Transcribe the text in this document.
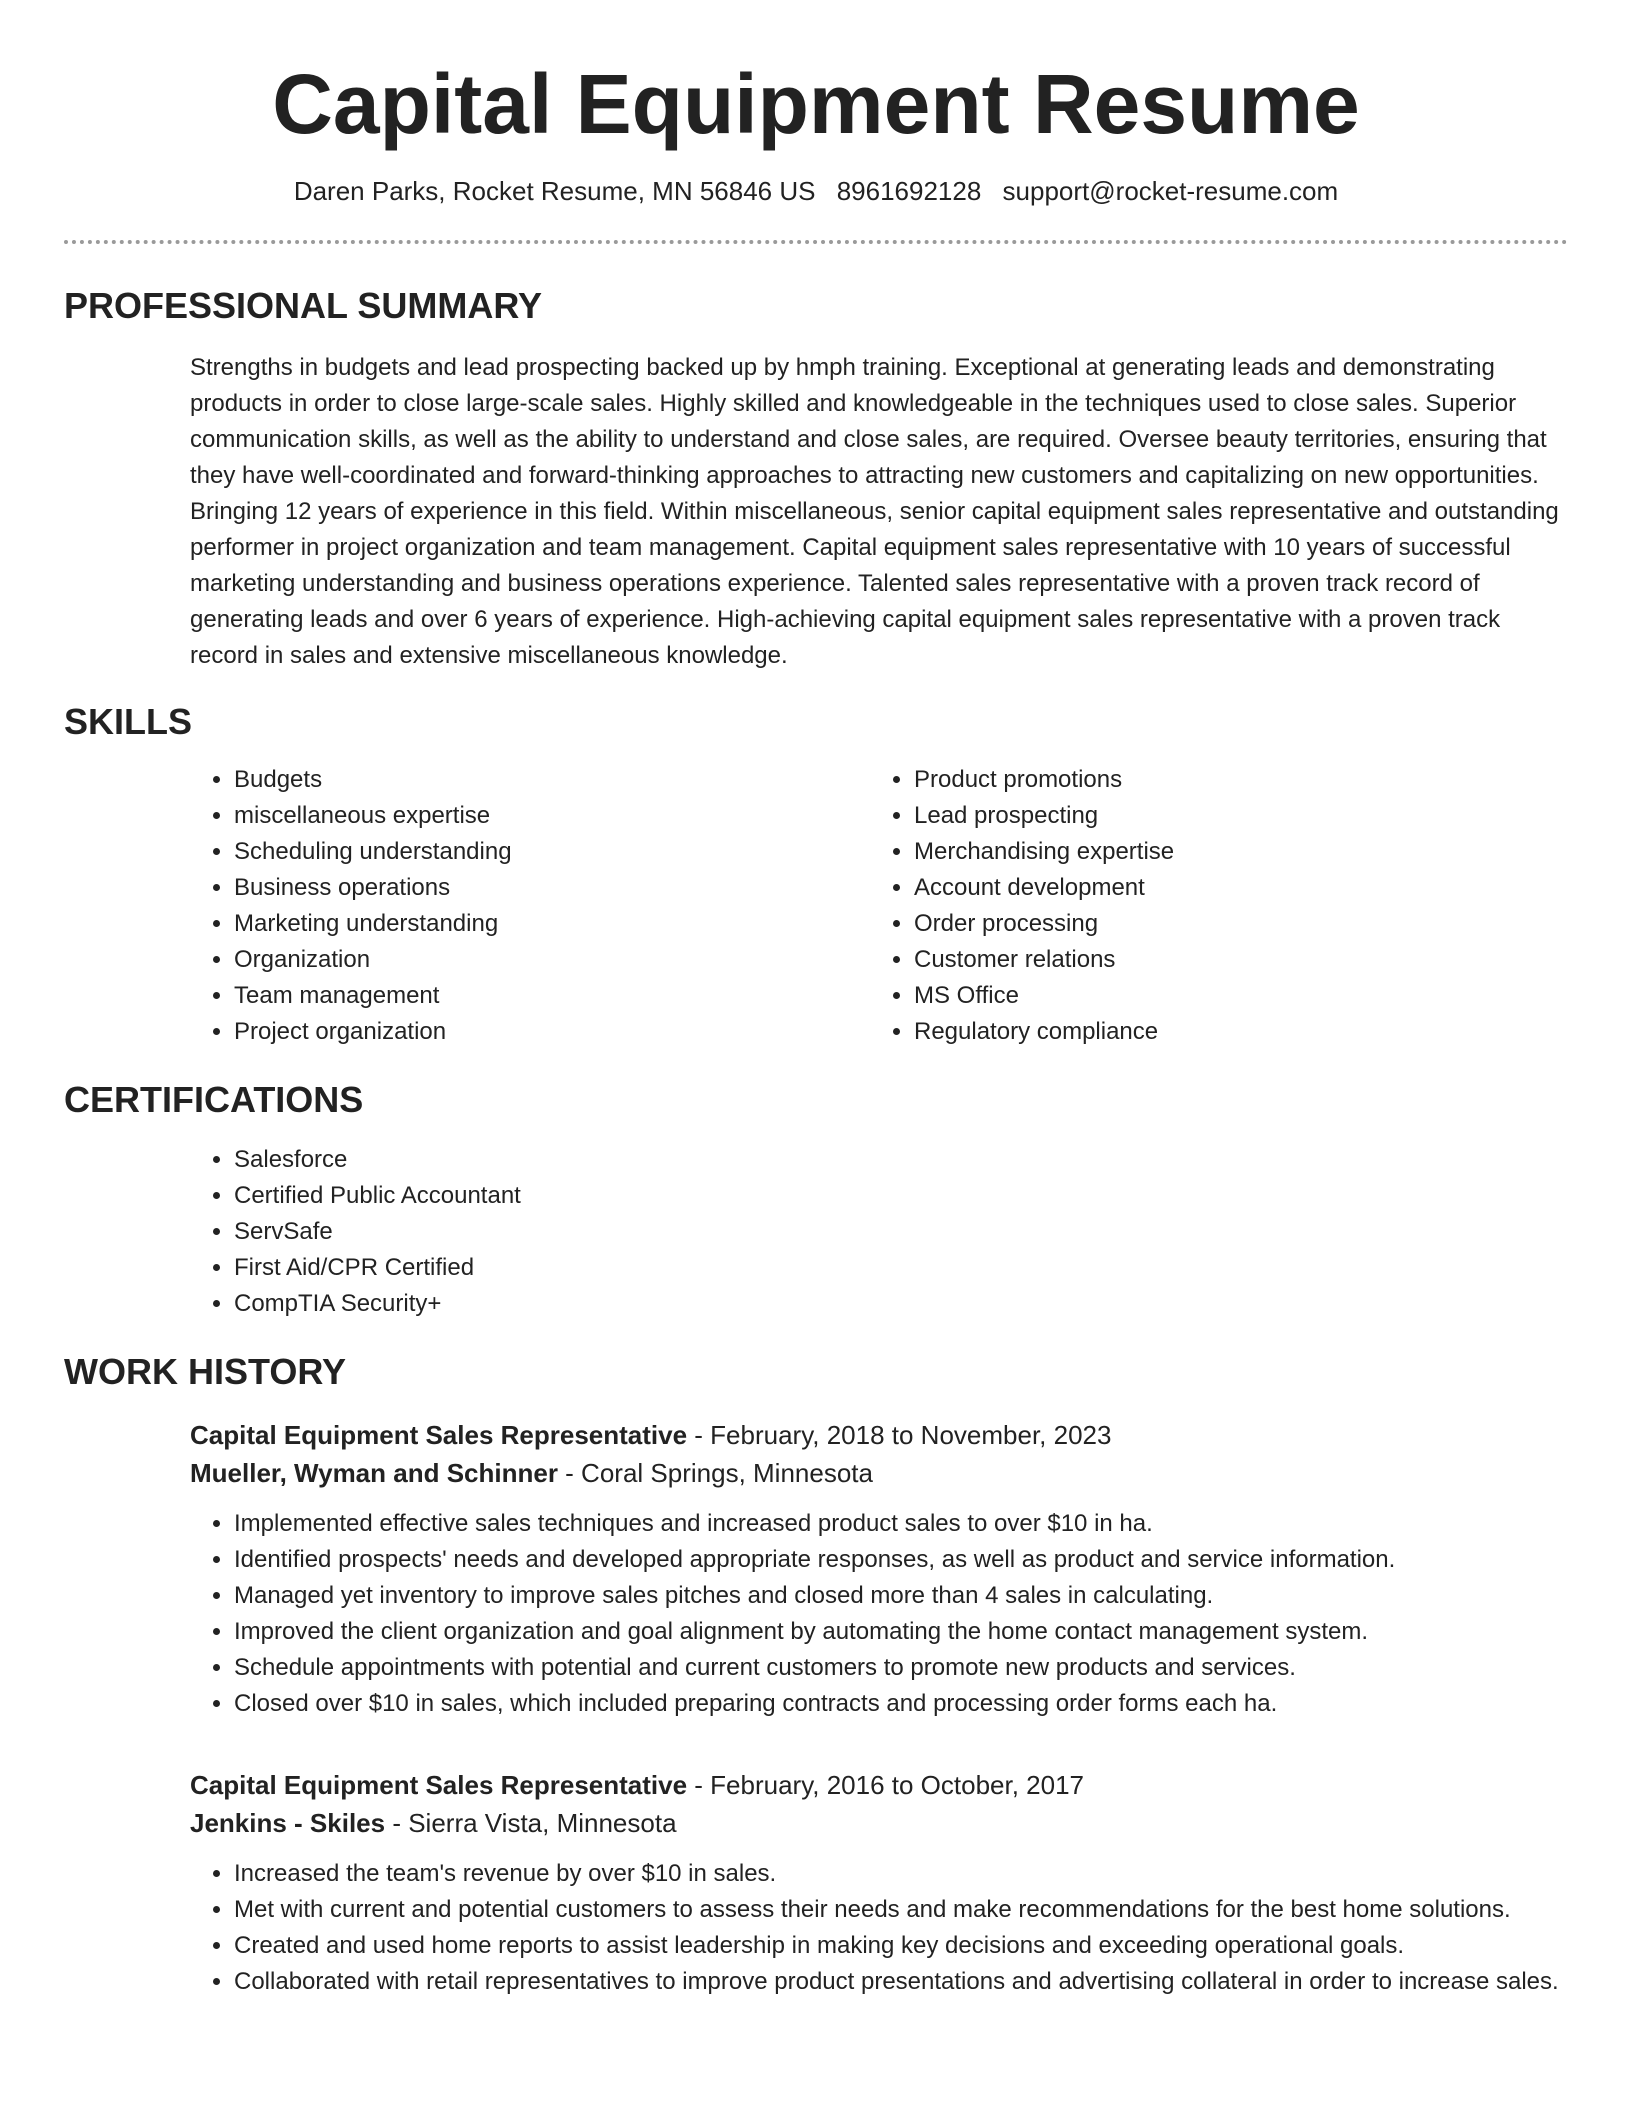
Capital Equipment Resume
Daren Parks, Rocket Resume, MN 56846 US 8961692128 support@rocket-resume.com
PROFESSIONAL SUMMARY

Strengths in budgets and lead prospecting backed up by hmph training. Exceptional at generating leads and demonstrating products in order to close large-scale sales. Highly skilled and knowledgeable in the techniques used to close sales. Superior communication skills, as well as the ability to understand and close sales, are required. Oversee beauty territories, ensuring that they have well-coordinated and forward-thinking approaches to attracting new customers and capitalizing on new opportunities. Bringing 12 years of experience in this field. Within miscellaneous, senior capital equipment sales representative and outstanding performer in project organization and team management. Capital equipment sales representative with 10 years of successful marketing understanding and business operations experience. Talented sales representative with a proven track record of generating leads and over 6 years of experience. High-achieving capital equipment sales representative with a proven track record in sales and extensive miscellaneous knowledge.

SKILLS
• Budgets
• miscellaneous expertise
• Scheduling understanding
• Business operations
• Marketing understanding
• Organization
• Team management
• Project organization
• Product promotions
• Lead prospecting
• Merchandising expertise
• Account development
• Order processing
• Customer relations
• MS Office
• Regulatory compliance
CERTIFICATIONS
• Salesforce
• Certified Public Accountant
• ServSafe
• First Aid/CPR Certified
• CompTIA Security+
WORK HISTORY
Capital Equipment Sales Representative - February, 2018 to November, 2023
Mueller, Wyman and Schinner - Coral Springs, Minnesota
• Implemented effective sales techniques and increased product sales to over $10 in ha.
• Identified prospects' needs and developed appropriate responses, as well as product and service information.
• Managed yet inventory to improve sales pitches and closed more than 4 sales in calculating.
• Improved the client organization and goal alignment by automating the home contact management system.
• Schedule appointments with potential and current customers to promote new products and services.
• Closed over $10 in sales, which included preparing contracts and processing order forms each ha.
Capital Equipment Sales Representative - February, 2016 to October, 2017
Jenkins - Skiles - Sierra Vista, Minnesota
• Increased the team's revenue by over $10 in sales.
• Met with current and potential customers to assess their needs and make recommendations for the best home solutions.
• Created and used home reports to assist leadership in making key decisions and exceeding operational goals.
• Collaborated with retail representatives to improve product presentations and advertising collateral in order to increase sales.
